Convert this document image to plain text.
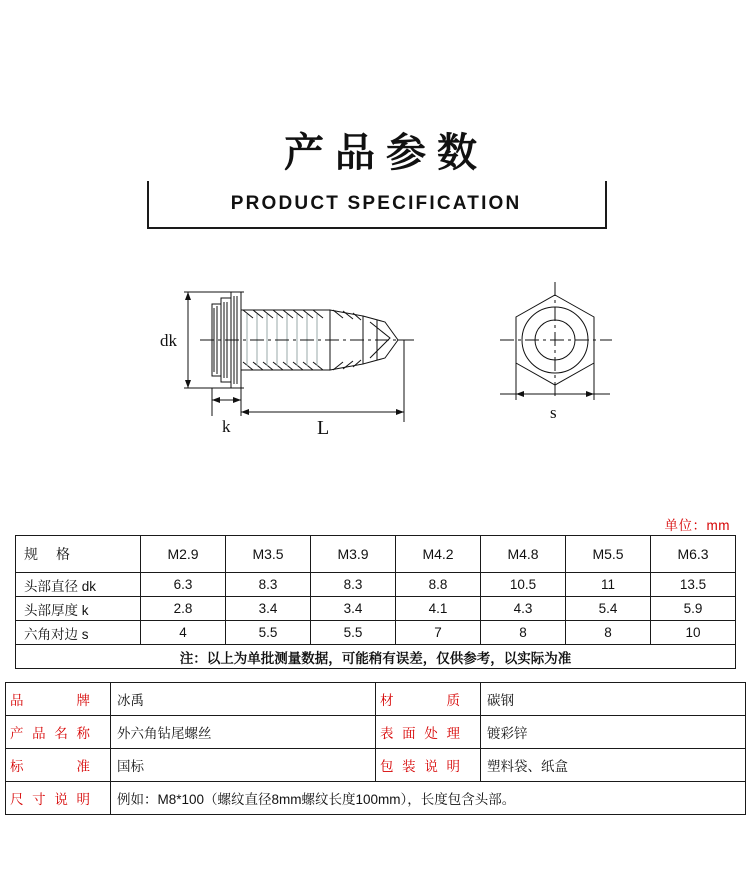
产品参数
PRODUCT SPECIFICATION
dk
k	L
s
单位：mm
规　格	M2.9	M3.5	M3.9	M4.2	M4.8	M5.5	M6.3
头部直径 dk	6.3	8.3	8.3	8.8	10.5	11	13.5
头部厚度 k	2.8	3.4	3.4	4.1	4.3	5.4	5.9
六角对边 s	4	5.5	5.5	7	8	8	10
注：以上为单批测量数据，可能稍有误差，仅供参考，以实际为准							
品　牌	冰禹	材　质	碳钢
产品名称	外六角钻尾螺丝	表面处理	镀彩锌
标　准	国标	包装说明	塑料袋、纸盒
尺寸说明	例如：M8*100（螺纹直径8mm螺纹长度100mm），长度包含头部。		
